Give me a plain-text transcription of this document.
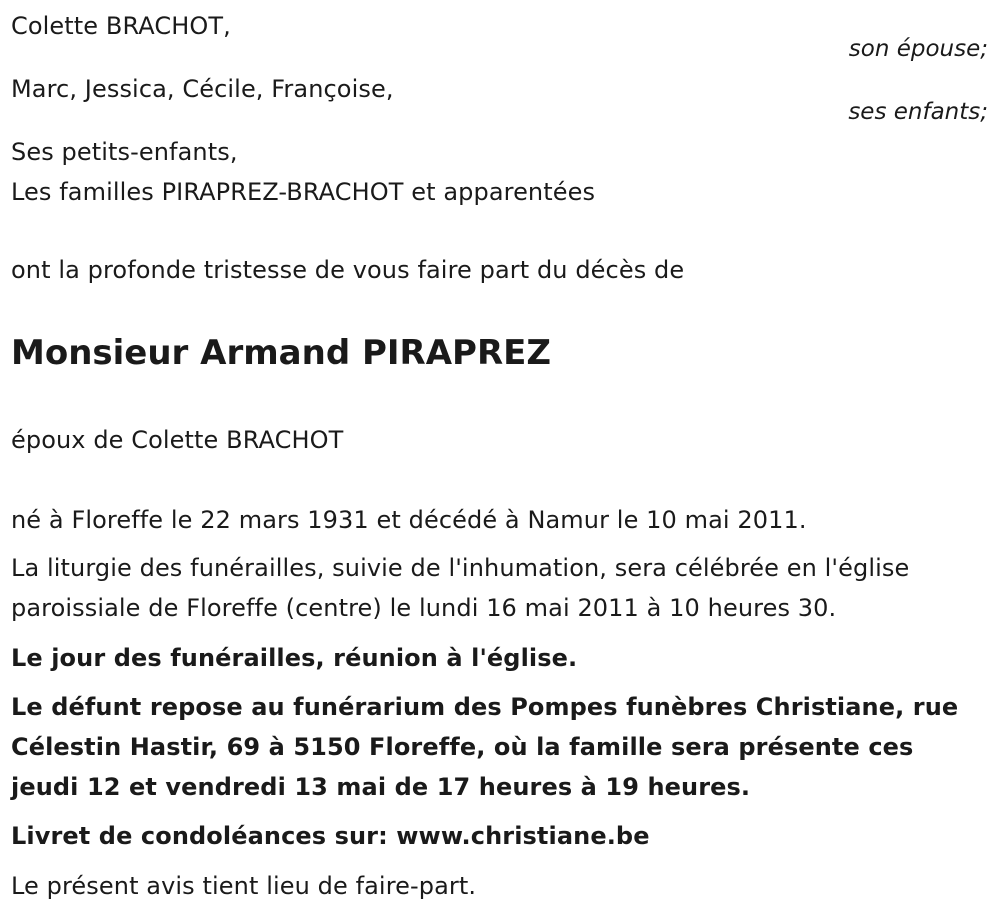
Colette BRACHOT,
son épouse;
Marc, Jessica, Cécile, Françoise,
ses enfants;
Ses petits-enfants,
Les familles PIRAPREZ-BRACHOT et apparentées
ont la profonde tristesse de vous faire part du décès de
Monsieur Armand PIRAPREZ
époux de Colette BRACHOT
né à Floreffe le 22 mars 1931 et décédé à Namur le 10 mai 2011.
La liturgie des funérailles, suivie de l'inhumation, sera célébrée en l'église
paroissiale de Floreffe (centre) le lundi 16 mai 2011 à 10 heures 30.
Le jour des funérailles, réunion à l'église.
Le défunt repose au funérarium des Pompes funèbres Christiane, rue
Célestin Hastir, 69 à 5150 Floreffe, où la famille sera présente ces
jeudi 12 et vendredi 13 mai de 17 heures à 19 heures.
Livret de condoléances sur: www.christiane.be
Le présent avis tient lieu de faire-part.
